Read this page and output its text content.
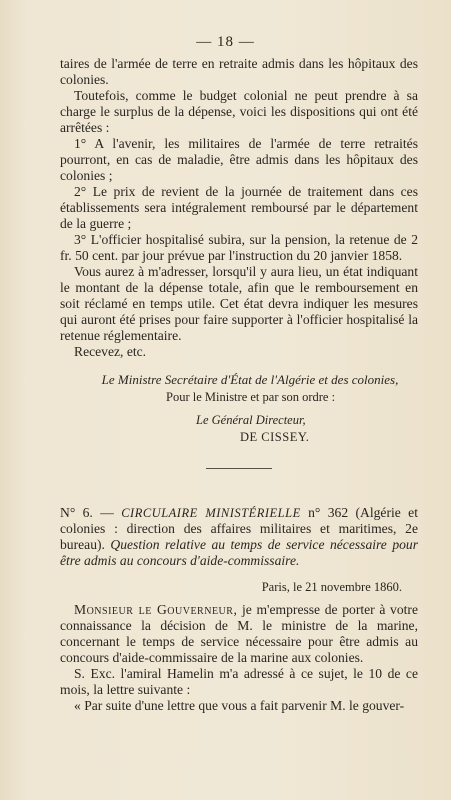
— 18 —

taires de l'armée de terre en retraite admis dans les hôpitaux des colonies.

Toutefois, comme le budget colonial ne peut prendre à sa charge le surplus de la dépense, voici les dispositions qui ont été arrêtées :

1° A l'avenir, les militaires de l'armée de terre retraités pourront, en cas de maladie, être admis dans les hôpitaux des colonies ;

2° Le prix de revient de la journée de traitement dans ces établissements sera intégralement remboursé par le département de la guerre ;

3° L'officier hospitalisé subira, sur la pension, la retenue de 2 fr. 50 cent. par jour prévue par l'instruction du 20 janvier 1858.

Vous aurez à m'adresser, lorsqu'il y aura lieu, un état indiquant le montant de la dépense totale, afin que le remboursement en soit réclamé en temps utile. Cet état devra indiquer les mesures qui auront été prises pour faire supporter à l'officier hospitalisé la retenue réglementaire.

Recevez, etc.

Le Ministre Secrétaire d'État de l'Algérie et des colonies,

Pour le Ministre et par son ordre :

Le Général Directeur,

DE CISSEY.

N° 6. — CIRCULAIRE MINISTÉRIELLE n° 362 (Algérie et colonies : direction des affaires militaires et maritimes, 2e bureau). Question relative au temps de service nécessaire pour être admis au concours d'aide-commissaire.

Paris, le 21 novembre 1860.

Monsieur le Gouverneur, je m'empresse de porter à votre connaissance la décision de M. le ministre de la marine, concernant le temps de service nécessaire pour être admis au concours d'aide-commissaire de la marine aux colonies.

S. Exc. l'amiral Hamelin m'a adressé à ce sujet, le 10 de ce mois, la lettre suivante :

« Par suite d'une lettre que vous a fait parvenir M. le gouver-
